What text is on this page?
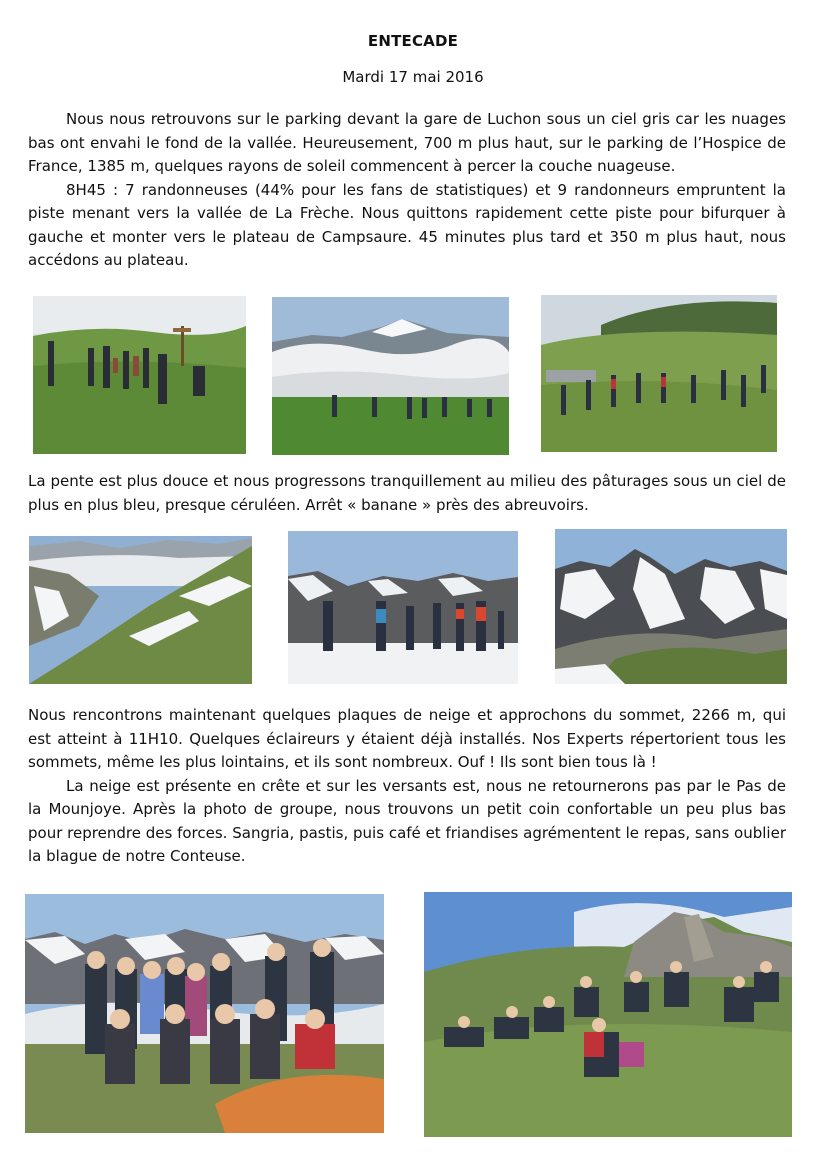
ENTECADE
Mardi 17 mai 2016
Nous nous retrouvons sur le parking devant la gare de Luchon sous un ciel gris car les nuages bas ont envahi le fond de la vallée. Heureusement, 700 m plus haut, sur le parking de l’Hospice de France, 1385 m, quelques rayons de soleil commencent à percer la couche nuageuse.
8H45 : 7 randonneuses (44% pour les fans de statistiques) et 9 randonneurs empruntent la piste menant vers la vallée de La Frèche. Nous quittons rapidement cette piste pour bifurquer à gauche et monter vers le plateau de Campsaure. 45 minutes plus tard et 350 m plus haut, nous accédons au plateau.
La pente est plus douce et nous progressons tranquillement au milieu des pâturages sous un ciel de plus en plus bleu, presque céruléen. Arrêt « banane » près des abreuvoirs.
Nous rencontrons maintenant quelques plaques de neige et approchons du sommet, 2266 m, qui est atteint à 11H10. Quelques éclaireurs y étaient déjà installés. Nos Experts répertorient tous les sommets, même les plus lointains, et ils sont nombreux. Ouf ! Ils sont bien tous là !
La neige est présente en crête et sur les versants est, nous ne retournerons pas par le Pas de la Mounjoye. Après la photo de groupe, nous trouvons un petit coin confortable un peu plus bas pour reprendre des forces. Sangria, pastis, puis café et friandises agrémentent le repas, sans oublier la blague de notre Conteuse.
